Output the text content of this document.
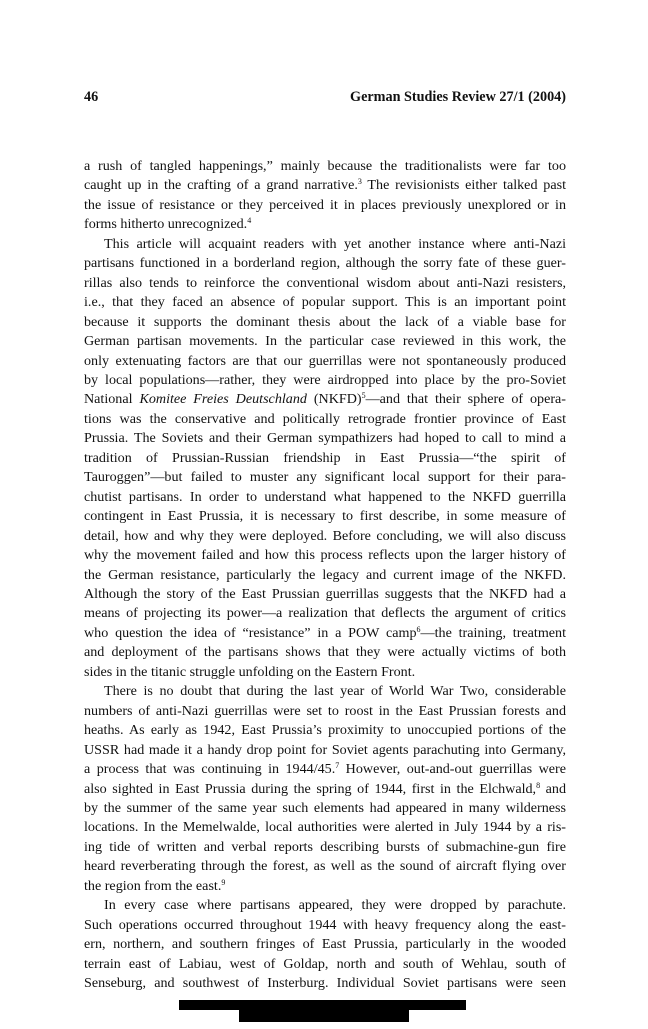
46	German Studies Review 27/1 (2004)

a rush of tangled happenings,” mainly because the traditionalists were far too
caught up in the crafting of a grand narrative.$^3$ The revisionists either talked past
the issue of resistance or they perceived it in places previously unexplored or in
forms hitherto unrecognized.$^4$

This article will acquaint readers with yet another instance where anti-Nazi
partisans functioned in a borderland region, although the sorry fate of these guer-
rillas also tends to reinforce the conventional wisdom about anti-Nazi resisters,
i.e., that they faced an absence of popular support. This is an important point
because it supports the dominant thesis about the lack of a viable base for
German partisan movements. In the particular case reviewed in this work, the
only extenuating factors are that our guerrillas were not spontaneously produced
by local populations—rather, they were airdropped into place by the pro-Soviet
National Komitee Freies Deutschland (NKFD)$^5$—and that their sphere of opera-
tions was the conservative and politically retrograde frontier province of East
Prussia. The Soviets and their German sympathizers had hoped to call to mind a
tradition of Prussian-Russian friendship in East Prussia—“the spirit of
Tauroggen”—but failed to muster any significant local support for their para-
chutist partisans. In order to understand what happened to the NKFD guerrilla
contingent in East Prussia, it is necessary to first describe, in some measure of
detail, how and why they were deployed. Before concluding, we will also discuss
why the movement failed and how this process reflects upon the larger history of
the German resistance, particularly the legacy and current image of the NKFD.
Although the story of the East Prussian guerrillas suggests that the NKFD had a
means of projecting its power—a realization that deflects the argument of critics
who question the idea of “resistance” in a POW camp$^6$—the training, treatment
and deployment of the partisans shows that they were actually victims of both
sides in the titanic struggle unfolding on the Eastern Front.

There is no doubt that during the last year of World War Two, considerable
numbers of anti-Nazi guerrillas were set to roost in the East Prussian forests and
heaths. As early as 1942, East Prussia’s proximity to unoccupied portions of the
USSR had made it a handy drop point for Soviet agents parachuting into Germany,
a process that was continuing in 1944/45.$^7$ However, out-and-out guerrillas were
also sighted in East Prussia during the spring of 1944, first in the Elchwald,$^8$ and
by the summer of the same year such elements had appeared in many wilderness
locations. In the Memelwalde, local authorities were alerted in July 1944 by a ris-
ing tide of written and verbal reports describing bursts of submachine-gun fire
heard reverberating through the forest, as well as the sound of aircraft flying over
the region from the east.$^9$

In every case where partisans appeared, they were dropped by parachute.
Such operations occurred throughout 1944 with heavy frequency along the east-
ern, northern, and southern fringes of East Prussia, particularly in the wooded
terrain east of Labiau, west of Goldap, north and south of Wehlau, south of
Senseburg, and southwest of Insterburg. Individual Soviet partisans were seen
